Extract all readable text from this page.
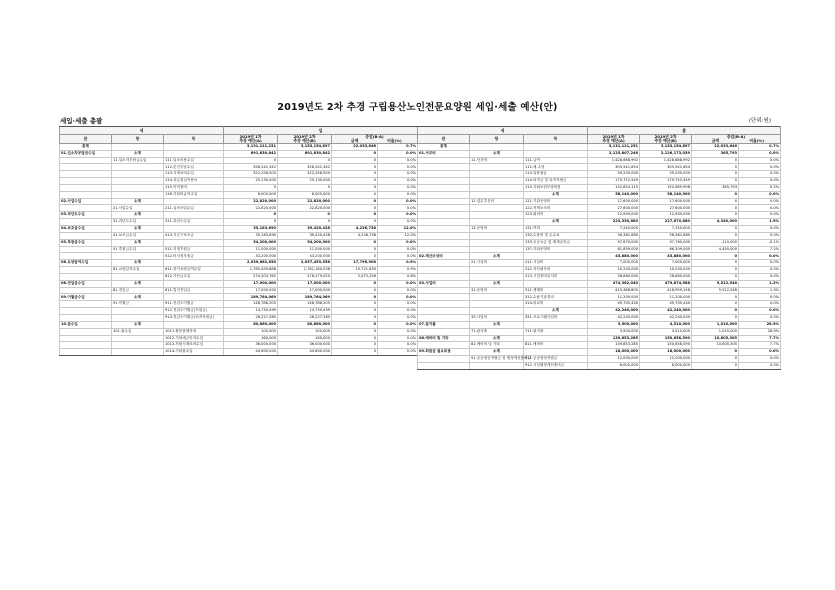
2019년도 2차 추경 구립용산노인전문요양원 세입·세출 예산(안)
세입·세출 총괄	(단위:원)
세			입			
관	항	목	2019년 1차
추경 예산(A)	2019년 2차
추경 예산(B)	증감(B-A)
금액 비율(%)	
총계			3,131,121,251	3,153,154,897	22,033,646	0.7%
01.입소자부담금수입	소계		691,630,842	691,630,842	0	0.0%
	11.입소자부담금수입	111.입소비용수입	0	0	0	0.0%
		112.본인부담수입	358,242,342	358,242,342	0	0.0%
		113.식재료비수입	322,258,500	322,258,500	0	0.0%
		114.상급침실이용료	25,130,000	25,130,000	0	0.0%
		115.이미용비	0	0	0	0.0%
		116.기타비급여수입	6,000,000	6,000,000	0	0.0%
02.사업수입	소계		22,820,000	22,820,000	0	0.0%
	21.사업수입	211.실비사업수입	22,820,000	22,820,000	0	0.0%
03.과년도수입	소계		0	0	0	0.0%
	31.과년도수입	311.과년도수입	0	0	0	0.0%
04.보조금수입	소계		35,183,690	39,420,428	4,236,738	12.0%
	41.보조금수입	413.시군구보조금	35,183,690	39,420,428	4,236,738	12.0%
05.후원금수입	소계		54,200,000	54,200,000	0	0.0%
	51.후원금수입	511.지정후원금	11,000,000	11,000,000	0	0.0%
		512.비지정후원금	43,200,000	43,200,000	0	0.0%
06.요양급여수입	소계		2,039,662,650	2,057,459,558	17,796,908	0.9%
	61.요양급여수입	611.장기요양급여수입	1,765,459,888	1,781,180,538	15,721,650	0.9%
		612.가산금수입	274,203,762	276,279,020	2,075,258	0.8%
08.전입금수입	소계		17,000,000	17,000,000	0	0.0%
	81.전입금	811.법인전입금	17,000,000	17,000,000	0	0.0%
09.이월금수입	소계		189,764,069	189,764,069	0	0.0%
	91.이월금	911.전년도이월금	148,786,205	148,786,205	0	0.0%
		912.전년도이월금(후원금)	14,750,499	14,750,499	0	0.0%
		913.전년도이월금(퇴직적립금)	26,227,365	26,227,365	0	0.0%
10.잡수입	소계		80,860,000	80,860,000	0	0.0%
	101.잡수입	1011.불용품매각대	100,000	100,000	0	0.0%
		1012.기타예금이자수입	160,000	160,000	0	0.0%
		1013.직원식재료비수입	36,000,000	36,000,000	0	0.0%
		1014.기타잡수입	44,600,000	44,600,000	0	0.0%
세			출			
관	항	목	2019년 1차
추경 예산(A)	2019년 2차
추경 예산(B)	증감(B-A)
금액 비율(%)	
총계			3,131,121,251	3,153,154,897	22,033,646	0.7%
01.사무비	소계		2,125,807,246	2,126,173,039	365,793	0.0%
	11.인건비	111.급여	1,428,688,992	1,428,688,992	0	0.0%
		112.제 수당	305,541,654	305,541,654	0	0.0%
		113.일용잡급	59,200,000	59,200,000	0	0.0%
		114.퇴직금 및 퇴직적립금	179,752,549	179,752,549	0	0.0%
		115.사회보험부담비용	152,624,115	152,989,908	365,793	0.2%
		소계	58,140,000	58,140,000	0	0.0%
	12.업무추진비	121.기관운영비	17,600,000	17,600,000	0	0.0%
		122.직책보조비	27,600,000	27,600,000	0	0.0%
		123.회의비	12,940,000	12,940,000	0	0.0%
		소계	223,330,680	227,670,680	4,340,000	1.9%
	13.운영비	131.여비	7,240,000	7,240,000	0	0.0%
		132.수용비 및 수수료	56,361,680	56,361,680	0	0.0%
		133.공공요금 및 제세공과금	97,870,000	97,760,000	-110,000	-0.1%
		137.기타운영비	61,859,000	66,309,000	4,450,000	7.2%
02.재산조성비	소계		45,880,000	45,880,000	0	0.0%
	21.시설비	211.시설비	7,000,000	7,000,000	0	0.0%
		212.자산취득비	10,200,000	10,200,000	0	0.0%
		213.시설장비유지비	28,680,000	28,680,000	0	0.0%
03.사업비	소계		474,362,040	479,874,588	5,512,548	1.2%
	31.운영비	311.생계비	415,486,600	418,999,148	5,512,548	1.3%
		312.수용기관경비	11,200,000	11,200,000	0	0.0%
		314.의료비	49,705,440	49,705,440	0	0.0%
		소계	42,240,000	42,240,000	0	0.0%
	33.사업비	331.프로그램사업비	42,240,000	42,240,000	0	0.0%
07.잡지출	소계		3,500,000	4,510,000	1,010,000	28.9%
	71.잡지출	711.잡지출	3,500,000	4,510,000	1,010,000	28.9%
08.예비비 및 기타	소계		139,853,285	150,658,590	10,805,305	7.7%
	81.예비비 및 기타	811.예비비	139,853,285	150,658,590	10,805,305	7.7%
09.퇴원금 필요비용	소계		18,000,000	18,000,000	0	0.0%
	91.공공평동적립금 및 협정개선충비금	911.공공평정적립금	12,000,000	12,000,000	0	0.0%
		912.시설협정개선충비금	6,000,000	6,000,000	0	0.0%
